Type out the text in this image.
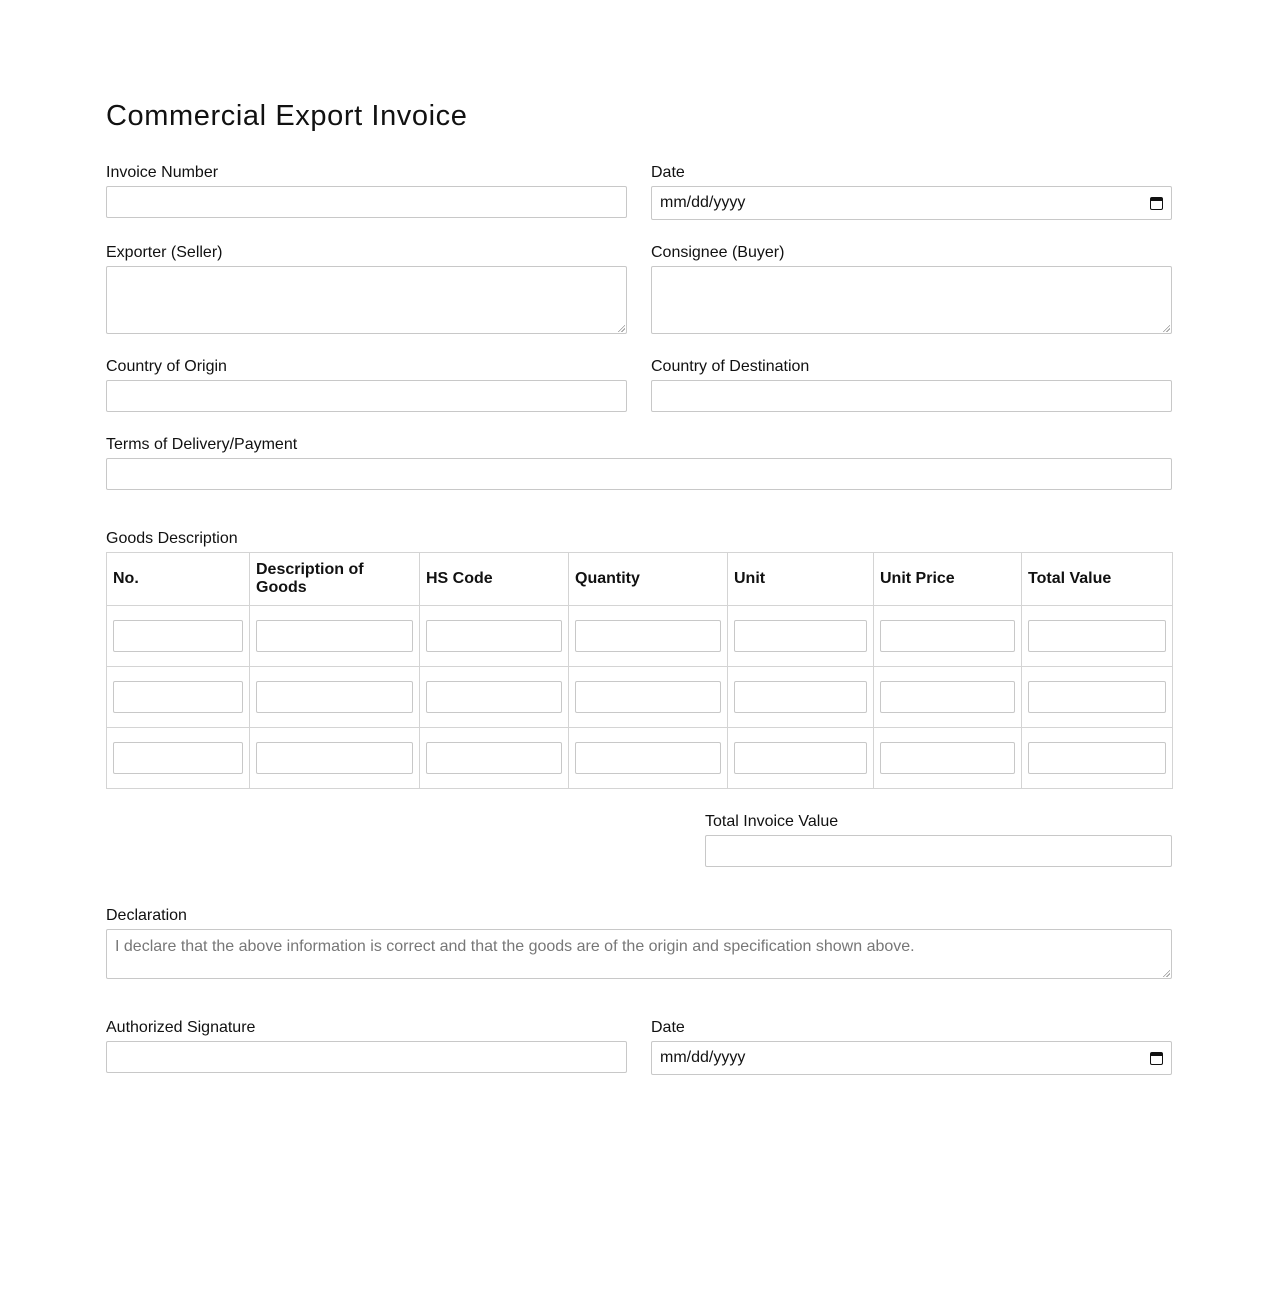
Commercial Export Invoice
Invoice Number	Date
mm/dd/yyyy
Exporter (Seller)	Consignee (Buyer)
Country of Origin	Country of Destination
Terms of Delivery/Payment
Goods Description
No.	Description of Goods	HS Code	Quantity	Unit	Unit Price	Total Value

Total Invoice Value
Declaration
I declare that the above information is correct and that the goods are of the origin and specification shown above.
Authorized Signature	Date
mm/dd/yyyy
